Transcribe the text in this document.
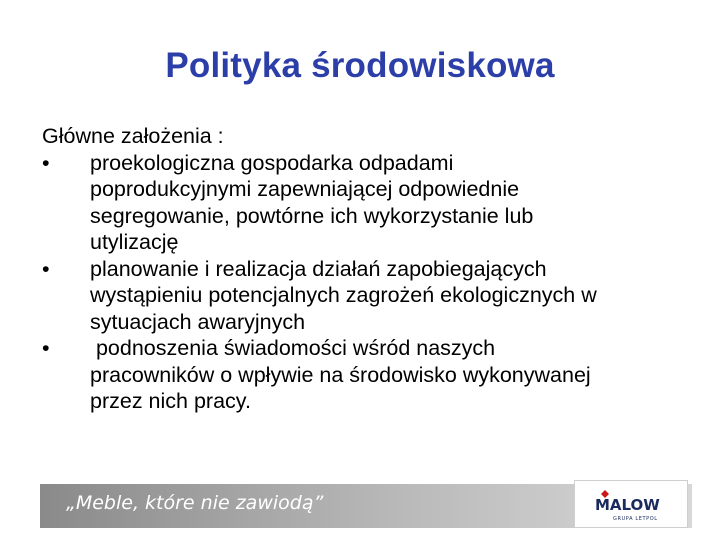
Polityka środowiskowa

Główne założenia :

• proekologiczna gospodarka odpadami
poprodukcyjnymi zapewniającej odpowiednie
segregowanie, powtórne ich wykorzystanie lub
utylizację
• planowanie i realizacja działań zapobiegających
wystąpieniu potencjalnych zagrożeń ekologicznych w
sytuacjach awaryjnych
• podnoszenia świadomości wśród naszych
pracowników o wpływie na środowisko wykonywanej
przez nich pracy.
„Meble, które nie zawiodą”	MALOW
GRUPA LETPOL
